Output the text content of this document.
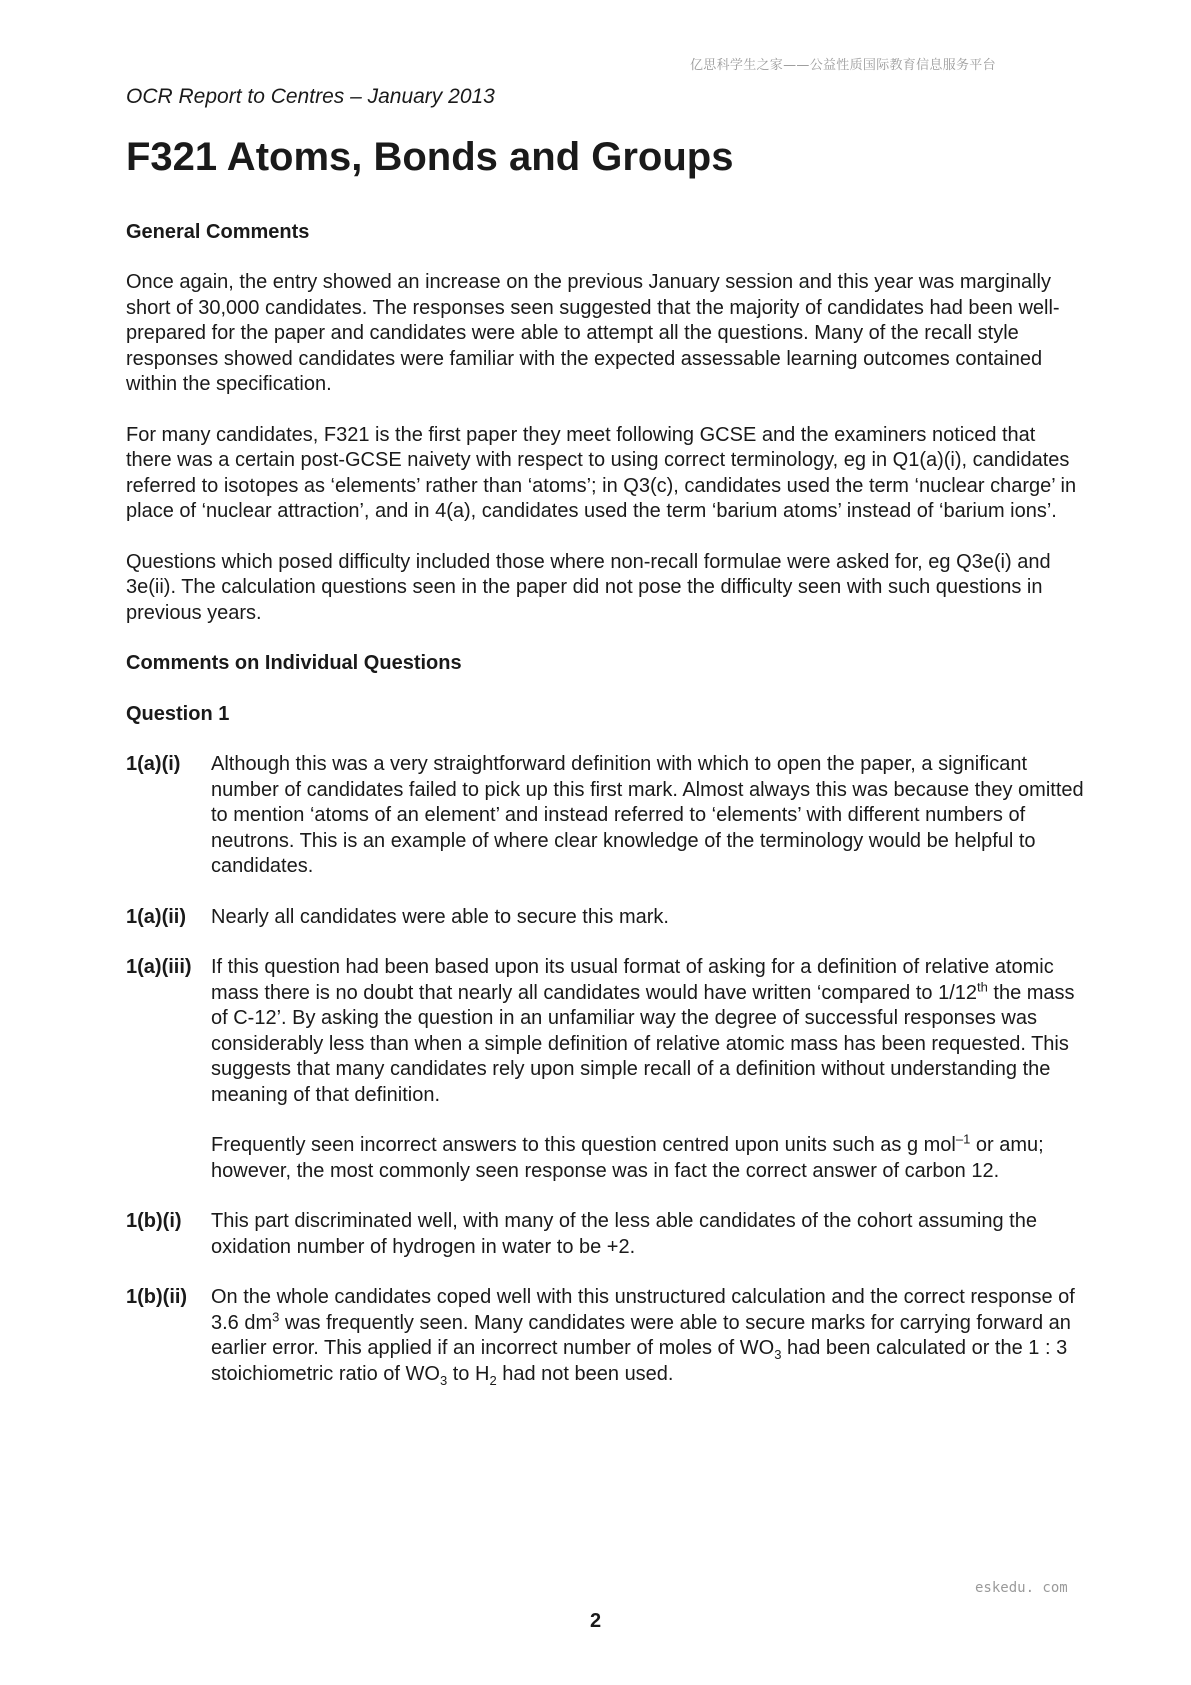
亿思科学生之家——公益性质国际教育信息服务平台
OCR Report to Centres – January 2013
F321 Atoms, Bonds and Groups
General Comments

Once again, the entry showed an increase on the previous January session and this year was marginally short of 30,000 candidates. The responses seen suggested that the majority of candidates had been well-prepared for the paper and candidates were able to attempt all the questions. Many of the recall style responses showed candidates were familiar with the expected assessable learning outcomes contained within the specification.

For many candidates, F321 is the first paper they meet following GCSE and the examiners noticed that there was a certain post-GCSE naivety with respect to using correct terminology, eg in Q1(a)(i), candidates referred to isotopes as ‘elements’ rather than ‘atoms’; in Q3(c), candidates used the term ‘nuclear charge’ in place of ‘nuclear attraction’, and in 4(a), candidates used the term ‘barium atoms’ instead of ‘barium ions’.

Questions which posed difficulty included those where non-recall formulae were asked for, eg Q3e(i) and 3e(ii). The calculation questions seen in the paper did not pose the difficulty seen with such questions in previous years.

Comments on Individual Questions
Question 1
1(a)(i)	Although this was a very straightforward definition with which to open the paper, a significant number of candidates failed to pick up this first mark. Almost always this was because they omitted to mention ‘atoms of an element’ and instead referred to ‘elements’ with different numbers of neutrons. This is an example of where clear knowledge of the terminology would be helpful to candidates.
1(a)(ii)	Nearly all candidates were able to secure this mark.
1(a)(iii) If this question had been based upon its usual format of asking for a definition of relative atomic mass there is no doubt that nearly all candidates would have written ‘compared to 1/12th the mass of C-12’. By asking the question in an unfamiliar way the degree of successful responses was considerably less than when a simple definition of relative atomic mass has been requested. This suggests that many candidates rely upon simple recall of a definition without understanding the meaning of that definition.

Frequently seen incorrect answers to this question centred upon units such as g mol$^{-1}$ or amu; however, the most commonly seen response was in fact the correct answer of carbon 12.

1(b)(i)	This part discriminated well, with many of the less able candidates of the cohort assuming the oxidation number of hydrogen in water to be +2.
1(b)(ii)	On the whole candidates coped well with this unstructured calculation and the correct response of 3.6 $dm^3$ was frequently seen. Many candidates were able to secure marks for carrying forward an earlier error. This applied if an incorrect number of moles of $WO_3$ had been calculated or the 1 : 3 stoichiometric ratio of $WO_3$ to $H_2$ had not been used.
eskedu. com
2
